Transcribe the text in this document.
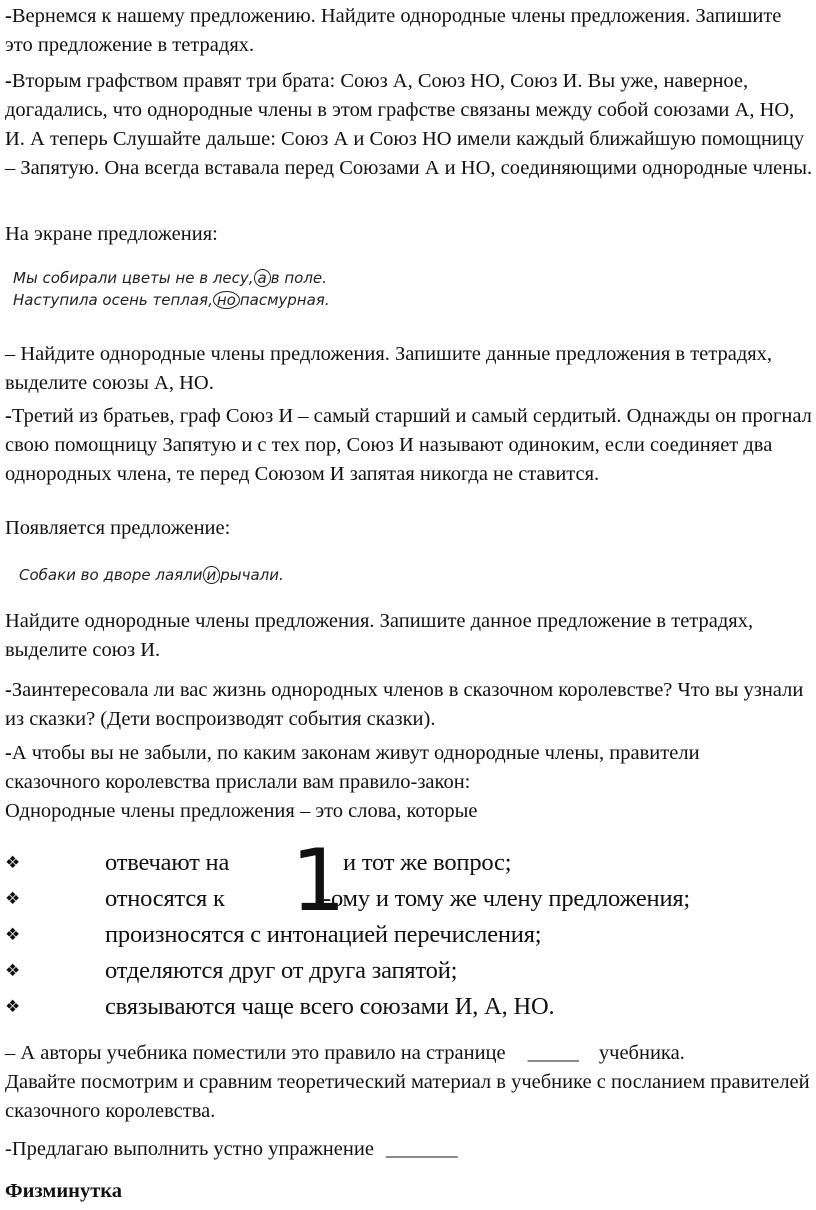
-Вернемся к нашему предложению. Найдите однородные члены предложения. Запишите это предложение в тетрадях.

-Вторым графством правят три брата: Союз А, Союз НО, Союз И. Вы уже, наверное, догадались, что однородные члены в этом графстве связаны между собой союзами А, НО, И. А теперь Слушайте дальше: Союз А и Союз НО имели каждый ближайшую помощницу – Запятую. Она всегда вставала перед Союзами А и НО, соединяющими однородные члены.

На экране предложения:

Мы собирали цветы не в лесу, а в поле.
Наступила осень теплая, но пасмурная.

– Найдите однородные члены предложения. Запишите данные предложения в тетрадях, выделите союзы А, НО.

-Третий из братьев, граф Союз И – самый старший и самый сердитый. Однажды он прогнал свою помощницу Запятую и с тех пор, Союз И называют одиноким, если соединяет два однородных члена, те перед Союзом И запятая никогда не ставится.

Появляется предложение:

Собаки во дворе лаяли и рычали.

Найдите однородные члены предложения. Запишите данное предложение в тетрадях, выделите союз И.

-Заинтересовала ли вас жизнь однородных членов в сказочном королевстве? Что вы узнали из сказки? (Дети воспроизводят события сказки).

-А чтобы вы не забыли, по каким законам живут однородные члены, правители сказочного королевства прислали вам правило-закон:

Однородные члены предложения – это слова, которые

1
❖	отвечают на	и тот же вопрос;
❖	относятся к	-ому и тому же члену предложения;
❖	произносятся с интонацией перечисления;
❖	отделяются друг от друга запятой;
❖	связываются чаще всего союзами И, А, НО.

– А авторы учебника поместили это правило на странице _____ учебника.
Давайте посмотрим и сравним теоретический материал в учебнике с посланием правителей сказочного королевства.

-Предлагаю выполнить устно упражнение _______

Физминутка
